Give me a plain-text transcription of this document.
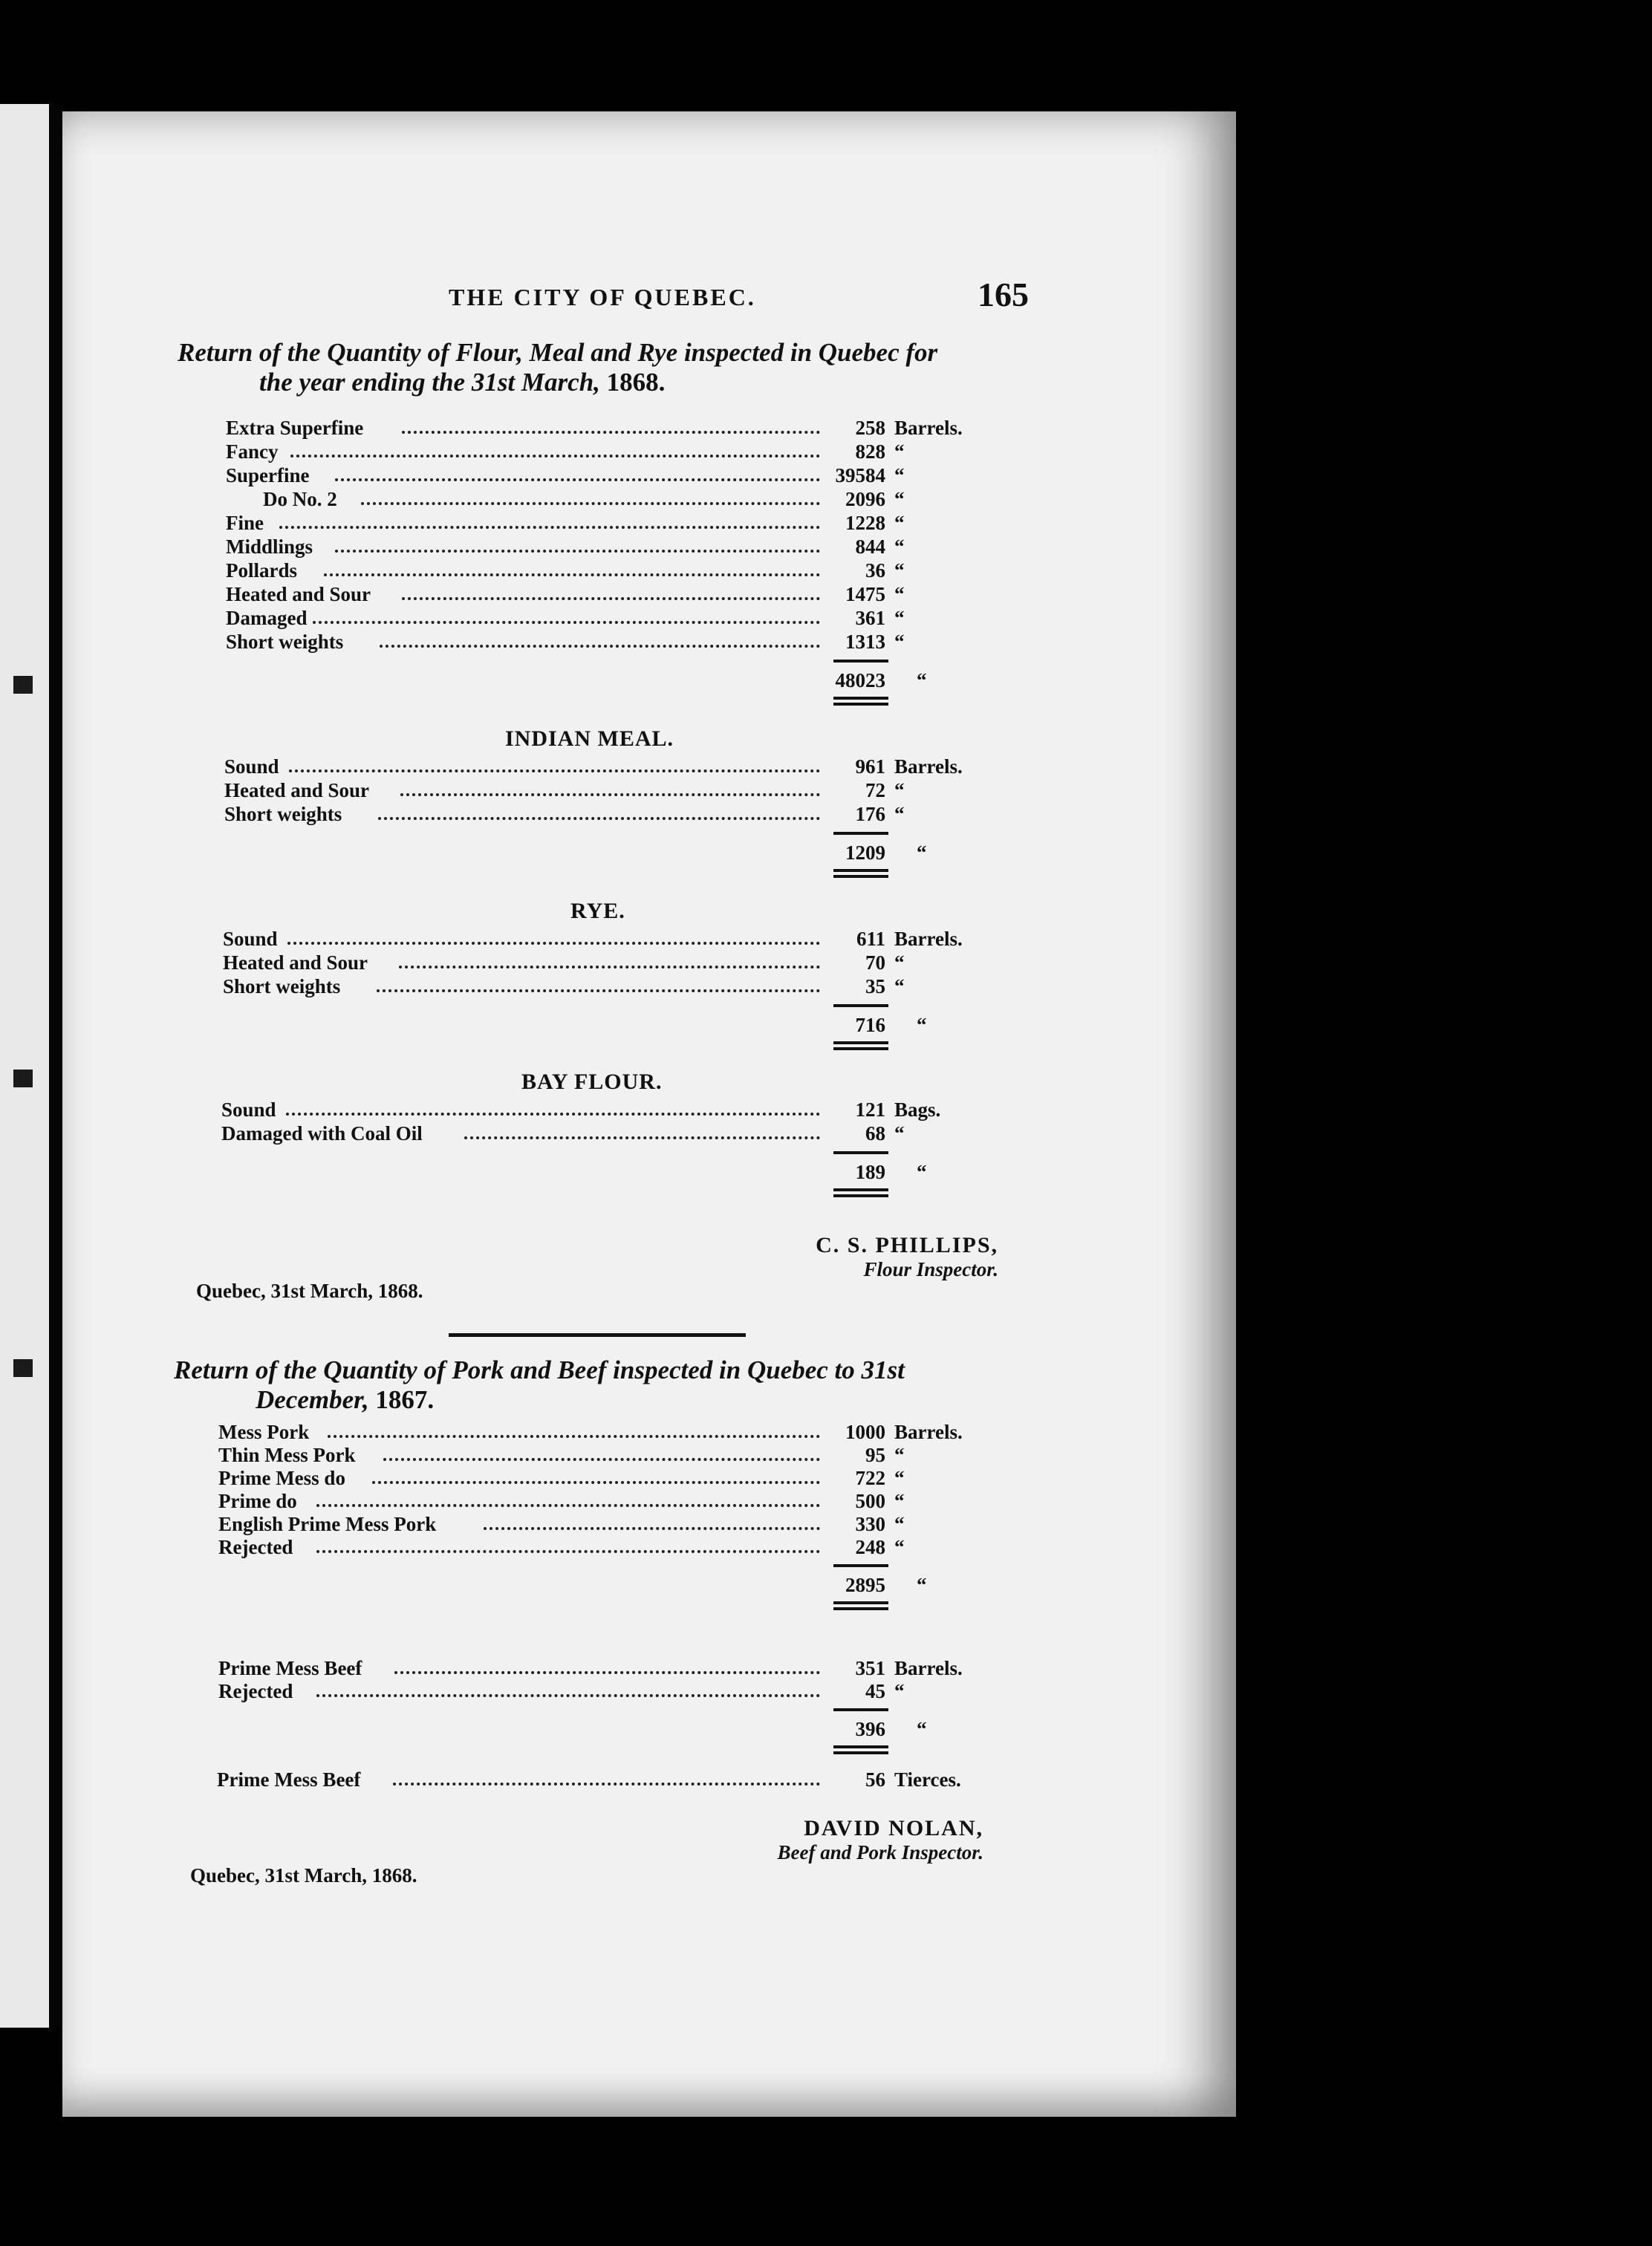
THE CITY OF QUEBEC.	165
Return of the Quantity of Flour, Meal and Rye inspected in Quebec for
the year ending the 31st March, 1868.
Extra Superfine	258 Barrels.
Fancy	828 “
Superfine	39584 “
Do No. 2	2096 “
Fine	1228 “
Middlings	844 “
Pollards	36 “
Heated and Sour	1475 “
Damaged	361 “
Short weights	1313 “
48023 “
INDIAN MEAL.
Sound	961 Barrels.
Heated and Sour	72 “
Short weights	176 “
1209 “
RYE.
Sound	611 Barrels.
Heated and Sour	70 “
Short weights	35 “
716 “
BAY FLOUR.
Sound	121 Bags.
Damaged with Coal Oil	68 “
189 “
C. S. PHILLIPS,
Flour Inspector.
Quebec, 31st March, 1868.
Return of the Quantity of Pork and Beef inspected in Quebec to 31st
December, 1867.
Mess Pork	1000 Barrels.
Thin Mess Pork	95 “
Prime Mess do	722 “
Prime do	500 “
English Prime Mess Pork	330 “
Rejected	248 “
2895 “
Prime Mess Beef	351 Barrels.
Rejected	45 “
396 “
Prime Mess Beef	56 Tierces.
DAVID NOLAN,
Beef and Pork Inspector.
Quebec, 31st March, 1868.
